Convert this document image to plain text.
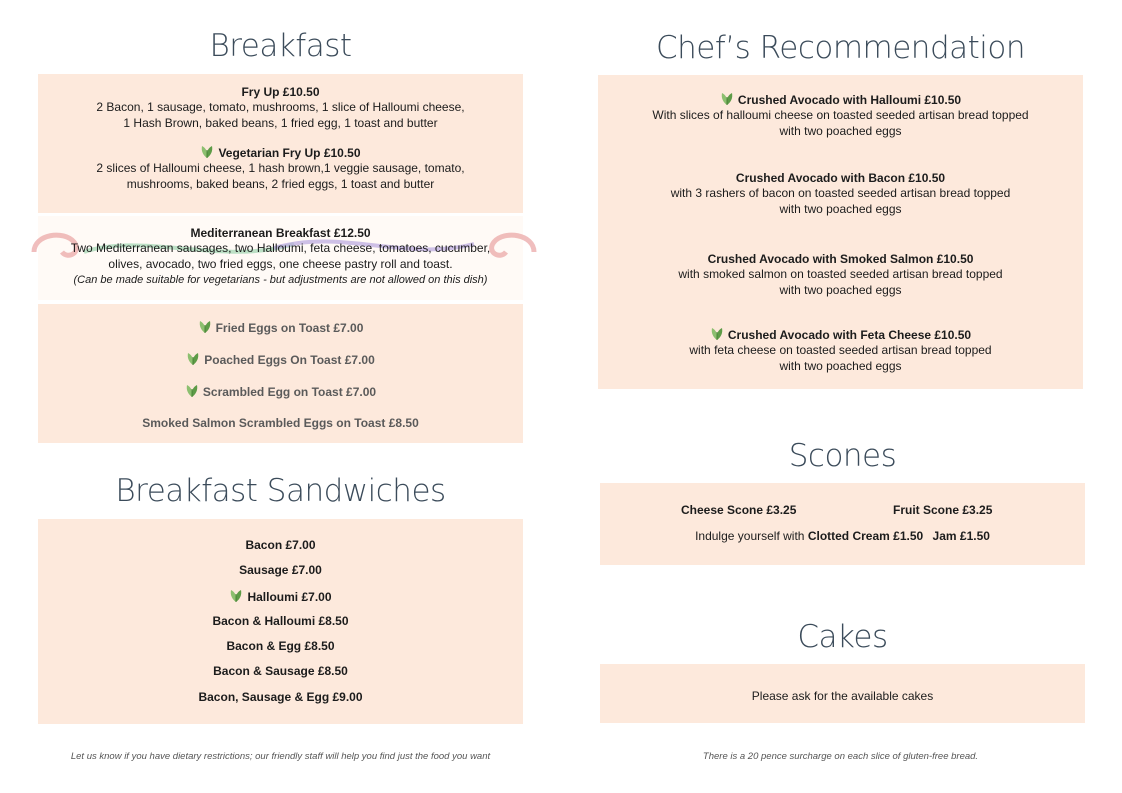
Breakfast
Fry Up £10.50
2 Bacon, 1 sausage, tomato, mushrooms, 1 slice of Halloumi cheese,
1 Hash Brown, baked beans, 1 fried egg, 1 toast and butter
Vegetarian Fry Up £10.50
2 slices of Halloumi cheese, 1 hash brown,1 veggie sausage, tomato,
mushrooms, baked beans, 2 fried eggs, 1 toast and butter
Mediterranean Breakfast £12.50
Two Mediterranean sausages, two Halloumi, feta cheese, tomatoes, cucumber,
olives, avocado, two fried eggs, one cheese pastry roll and toast.
(Can be made suitable for vegetarians - but adjustments are not allowed on this dish)
Fried Eggs on Toast £7.00
Poached Eggs On Toast £7.00
Scrambled Egg on Toast £7.00
Smoked Salmon Scrambled Eggs on Toast £8.50
Breakfast Sandwiches
Bacon £7.00
Sausage £7.00
Halloumi £7.00
Bacon & Halloumi £8.50
Bacon & Egg £8.50
Bacon & Sausage £8.50
Bacon, Sausage & Egg £9.00
Let us know if you have dietary restrictions; our friendly staff will help you find just the food you want
Chef’s Recommendation
Crushed Avocado with Halloumi £10.50
With slices of halloumi cheese on toasted seeded artisan bread topped
with two poached eggs
Crushed Avocado with Bacon £10.50
with 3 rashers of bacon on toasted seeded artisan bread topped
with two poached eggs
Crushed Avocado with Smoked Salmon £10.50
with smoked salmon on toasted seeded artisan bread topped
with two poached eggs
Crushed Avocado with Feta Cheese £10.50
with feta cheese on toasted seeded artisan bread topped
with two poached eggs
Scones
Cheese Scone £3.25	Fruit Scone £3.25
Indulge yourself with Clotted Cream £1.50 Jam £1.50
Cakes
Please ask for the available cakes
There is a 20 pence surcharge on each slice of gluten-free bread.
